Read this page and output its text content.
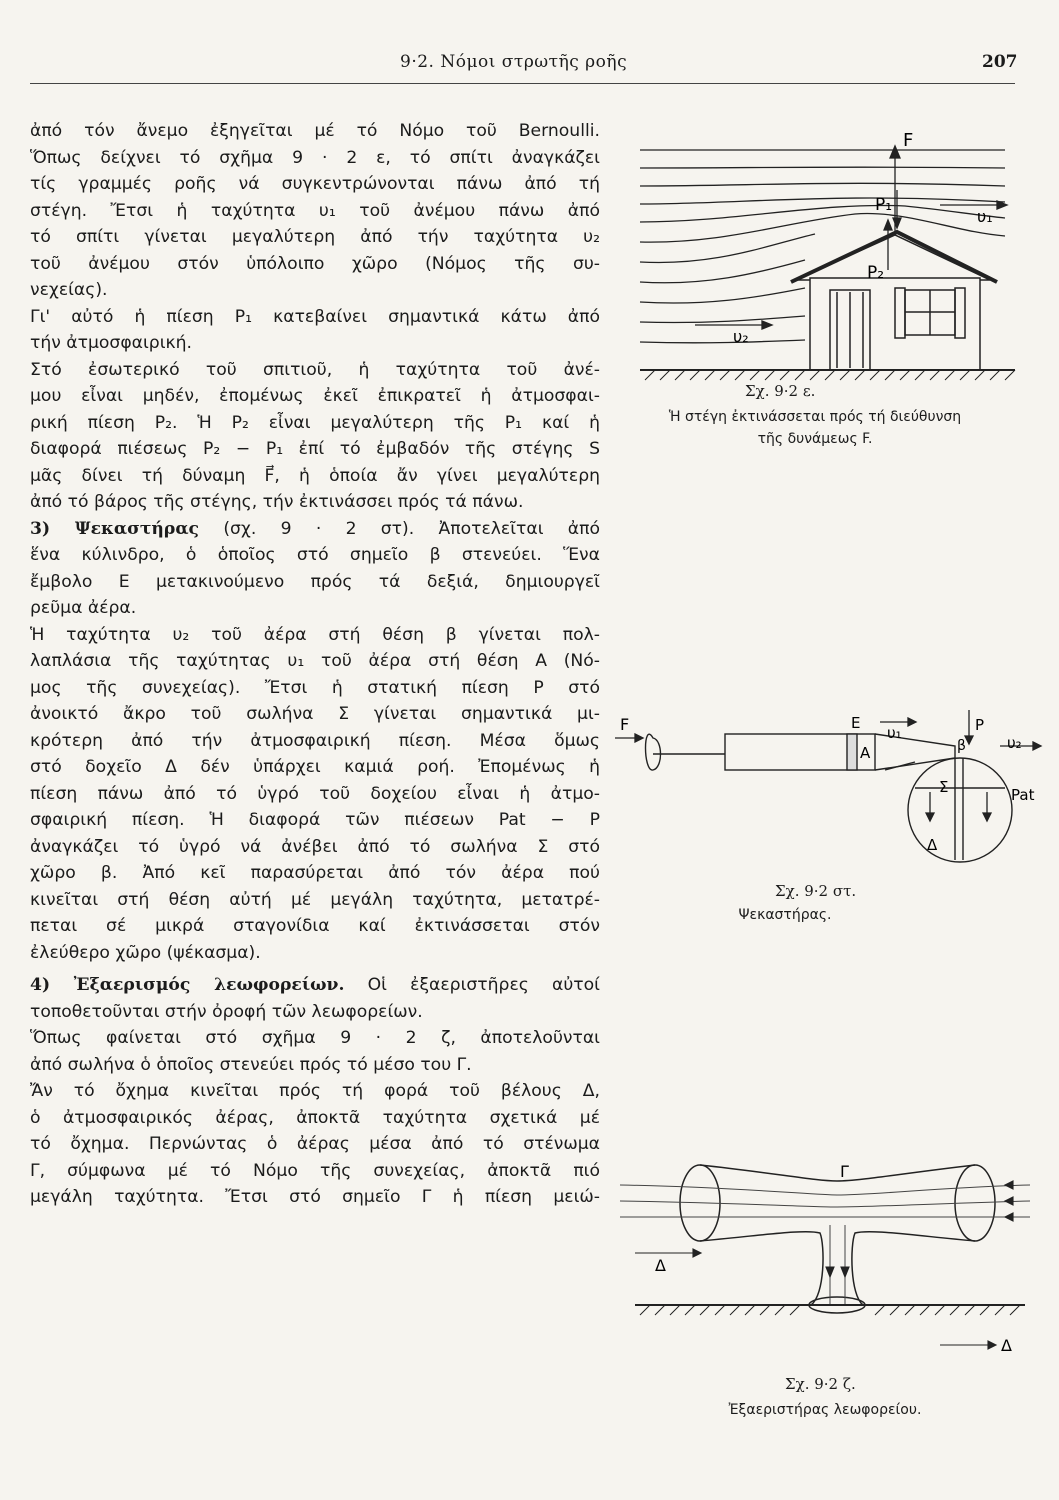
9·2. Νόμοι στρωτῆς ροῆς	207

ἀπό τόν ἄνεμο ἐξηγεῖται μέ τό Νόμο τοῦ Bernoulli.
Ὅπως δείχνει τό σχῆμα 9 · 2 ε, τό σπίτι ἀναγκάζει
τίς γραμμές ροῆς νά συγκεντρώνονται πάνω ἀπό τή
στέγη. Ἔτσι ἡ ταχύτητα υ₁ τοῦ ἀνέμου πάνω ἀπό
τό σπίτι γίνεται μεγαλύτερη ἀπό τήν ταχύτητα υ₂
τοῦ ἀνέμου στόν ὑπόλοιπο χῶρο (Νόμος τῆς συ-
νεχείας).

Γι' αὐτό ἡ πίεση P₁ κατεβαίνει σημαντικά κάτω ἀπό
τήν ἀτμοσφαιρική.

Στό ἐσωτερικό τοῦ σπιτιοῦ, ἡ ταχύτητα τοῦ ἀνέ-
μου εἶναι μηδέν, ἐπομένως ἐκεῖ ἐπικρατεῖ ἡ ἀτμοσφαι-
ρική πίεση P₂. Ἡ P₂ εἶναι μεγαλύτερη τῆς P₁ καί ἡ
διαφορά πιέσεως P₂ − P₁ ἐπί τό ἐμβαδόν τῆς στέγης S
μᾶς δίνει τή δύναμη F⃗, ἡ ὁποία ἄν γίνει μεγαλύτερη
ἀπό τό βάρος τῆς στέγης, τήν ἐκτινάσσει πρός τά πάνω.

3) Ψεκαστήρας (σχ. 9 · 2 στ). Ἀποτελεῖται ἀπό
ἕνα κύλινδρο, ὁ ὁποῖος στό σημεῖο β στενεύει. Ἕνα
ἔμβολο Ε μετακινούμενο πρός τά δεξιά, δημιουργεῖ
ρεῦμα ἀέρα.

Ἡ ταχύτητα υ₂ τοῦ ἀέρα στή θέση β γίνεται πολ-
λαπλάσια τῆς ταχύτητας υ₁ τοῦ ἀέρα στή θέση Α (Νό-
μος τῆς συνεχείας). Ἔτσι ἡ στατική πίεση P στό
ἀνοικτό ἄκρο τοῦ σωλήνα Σ γίνεται σημαντικά μι-
κρότερη ἀπό τήν ἀτμοσφαιρική πίεση. Μέσα ὅμως
στό δοχεῖο Δ δέν ὑπάρχει καμιά ροή. Ἐπομένως ἡ
πίεση πάνω ἀπό τό ὑγρό τοῦ δοχείου εἶναι ἡ ἀτμο-
σφαιρική πίεση. Ἡ διαφορά τῶν πιέσεων Pat − P
ἀναγκάζει τό ὑγρό νά ἀνέβει ἀπό τό σωλήνα Σ στό
χῶρο β. Ἀπό κεῖ παρασύρεται ἀπό τόν ἀέρα πού
κινεῖται στή θέση αὐτή μέ μεγάλη ταχύτητα, μετατρέ-
πεται σέ μικρά σταγονίδια καί ἐκτινάσσεται στόν
ἐλεύθερο χῶρο (ψέκασμα).

4) Ἐξαερισμός λεωφορείων. Οἱ ἐξαεριστῆρες αὐτοί
τοποθετοῦνται στήν ὀροφή τῶν λεωφορείων.

Ὅπως φαίνεται στό σχῆμα 9 · 2 ζ, ἀποτελοῦνται
ἀπό σωλήνα ὁ ὁποῖος στενεύει πρός τό μέσο του Γ.

Ἄν τό ὄχημα κινεῖται πρός τή φορά τοῦ βέλους Δ,
ὁ ἀτμοσφαιρικός ἀέρας, ἀποκτᾶ ταχύτητα σχετικά μέ
τό ὄχημα. Περνώντας ὁ ἀέρας μέσα ἀπό τό στένωμα
Γ, σύμφωνα μέ τό Νόμο τῆς συνεχείας, ἀποκτᾶ πιό
μεγάλη ταχύτητα. Ἔτσι στό σημεῖο Γ ἡ πίεση μειώ-

F
υ₁
υ₂
P₁
P₂
Σχ. 9·2 ε.
Ἡ στέγη ἐκτινάσσεται πρός τή διεύθυνση
τῆς δυνάμεως F.
F	E
υ₁
A
P
β	υ₂
Σ	Pat
Δ
Σχ. 9·2 στ.
Ψεκαστήρας.
Γ
Δ
Δ
Σχ. 9·2 ζ.
Ἐξαεριστήρας λεωφορείου.
